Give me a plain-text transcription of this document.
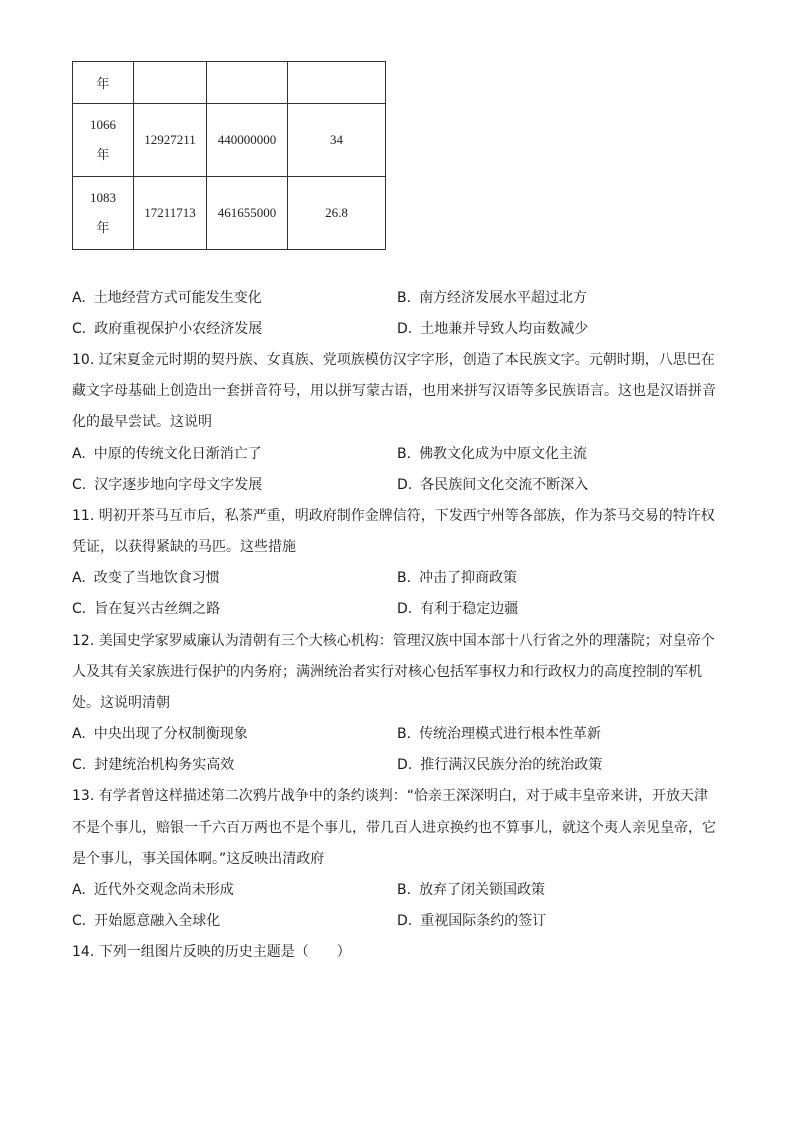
年			

1066
年	12927211	440000000	34

1083
年	17211713	461655000	26.8
A. 土地经营方式可能发生变化	B. 南方经济发展水平超过北方
C. 政府重视保护小农经济发展	D. 土地兼并导致人均亩数减少
10. 辽宋夏金元时期的契丹族、女真族、党项族模仿汉字字形，创造了本民族文字。元朝时期，八思巴在
藏文字母基础上创造出一套拼音符号，用以拼写蒙古语，也用来拼写汉语等多民族语言。这也是汉语拼音
化的最早尝试。这说明
A. 中原的传统文化日渐消亡了	B. 佛教文化成为中原文化主流
C. 汉字逐步地向字母文字发展	D. 各民族间文化交流不断深入
11. 明初开茶马互市后，私茶严重，明政府制作金牌信符，下发西宁州等各部族，作为茶马交易的特许权
凭证，以获得紧缺的马匹。这些措施
A. 改变了当地饮食习惯	B. 冲击了抑商政策
C. 旨在复兴古丝绸之路	D. 有利于稳定边疆
12. 美国史学家罗威廉认为清朝有三个大核心机构：管理汉族中国本部十八行省之外的理藩院；对皇帝个
人及其有关家族进行保护的内务府；满洲统治者实行对核心包括军事权力和行政权力的高度控制的军机
处。这说明清朝
A. 中央出现了分权制衡现象	B. 传统治理模式进行根本性革新
C. 封建统治机构务实高效	D. 推行满汉民族分治的统治政策
13. 有学者曾这样描述第二次鸦片战争中的条约谈判：“恰亲王深深明白，对于咸丰皇帝来讲，开放天津
不是个事儿，赔银一千六百万两也不是个事儿，带几百人进京换约也不算事儿，就这个夷人亲见皇帝，它
是个事儿，事关国体啊。”这反映出清政府
A. 近代外交观念尚未形成	B. 放弃了闭关锁国政策
C. 开始愿意融入全球化	D. 重视国际条约的签订
14. 下列一组图片反映的历史主题是（　　）
